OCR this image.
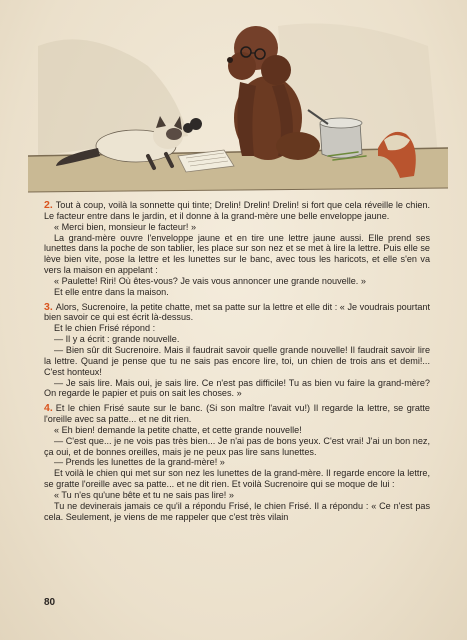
2. Tout à coup, voilà la sonnette qui tinte; Drelin! Drelin! Drelin! si fort que cela réveille le chien. Le facteur entre dans le jardin, et il donne à la grand-mère une belle enveloppe jaune.

« Merci bien, monsieur le facteur! »

La grand-mère ouvre l'enveloppe jaune et en tire une lettre jaune aussi. Elle prend ses lunettes dans la poche de son tablier, les place sur son nez et se met à lire la lettre. Puis elle se lève bien vite, pose la lettre et les lunettes sur le banc, avec tous les haricots, et elle s'en va vers la maison en appelant :

« Paulette! Riri! Où êtes-vous? Je vais vous annoncer une grande nouvelle. »

Et elle entre dans la maison.

3. Alors, Sucrenoire, la petite chatte, met sa patte sur la lettre et elle dit : « Je voudrais pourtant bien savoir ce qui est écrit là-dessus.

Et le chien Frisé répond :

— Il y a écrit : grande nouvelle.

— Bien sûr dit Sucrenoire. Mais il faudrait savoir quelle grande nouvelle! Il faudrait savoir lire la lettre. Quand je pense que tu ne sais pas encore lire, toi, un chien de trois ans et demi!... C'est honteux!

— Je sais lire. Mais oui, je sais lire. Ce n'est pas difficile! Tu as bien vu faire la grand-mère? On regarde le papier et puis on sait les choses. »

4. Et le chien Frisé saute sur le banc. (Si son maître l'avait vu!) Il regarde la lettre, se gratte l'oreille avec sa patte... et ne dit rien.

« Eh bien! demande la petite chatte, et cette grande nouvelle!

— C'est que... je ne vois pas très bien... Je n'ai pas de bons yeux. C'est vrai! J'ai un bon nez, ça oui, et de bonnes oreilles, mais je ne peux pas lire sans lunettes.

— Prends les lunettes de la grand-mère! »

Et voilà le chien qui met sur son nez les lunettes de la grand-mère. Il regarde encore la lettre, se gratte l'oreille avec sa patte... et ne dit rien. Et voilà Sucrenoire qui se moque de lui :

« Tu n'es qu'une bête et tu ne sais pas lire! »

Tu ne devinerais jamais ce qu'il a répondu Frisé, le chien Frisé. Il a répondu : « Ce n'est pas cela. Seulement, je viens de me rappeler que c'est très vilain

80
